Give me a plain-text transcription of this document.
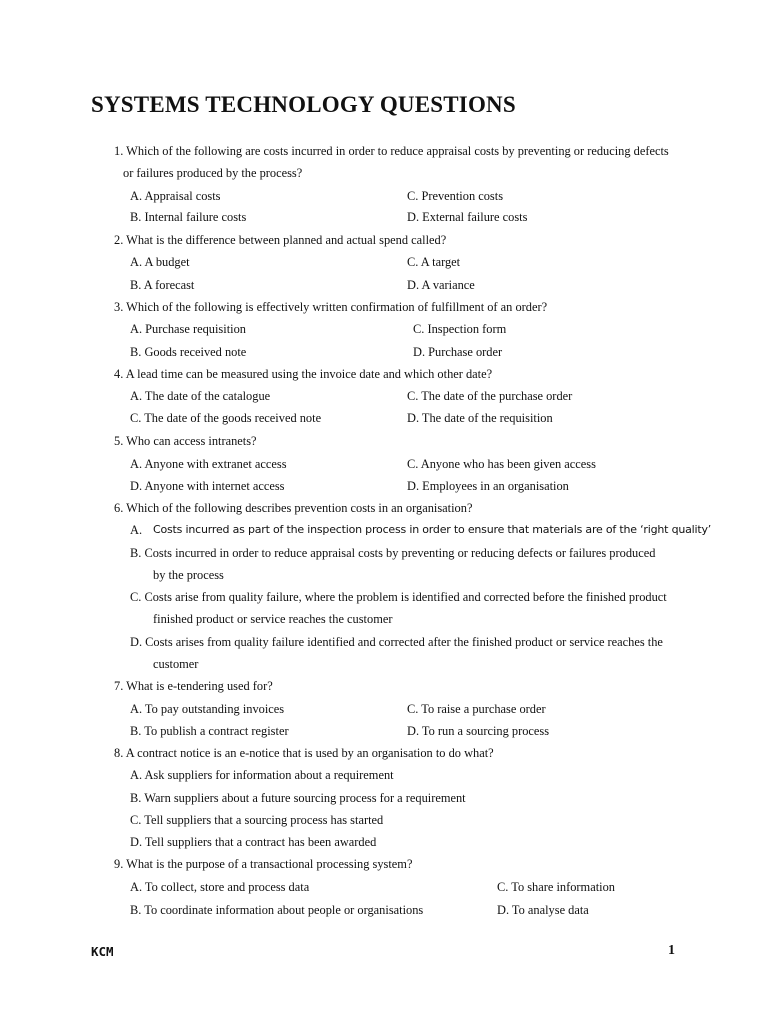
SYSTEMS TECHNOLOGY QUESTIONS
1. Which of the following are costs incurred in order to reduce appraisal costs by preventing or reducing defects
or failures produced by the process?
A. Appraisal costs	C. Prevention costs
B. Internal failure costs	D. External failure costs
2. What is the difference between planned and actual spend called?
A. A budget	C. A target
B. A forecast	D. A variance
3. Which of the following is effectively written confirmation of fulfillment of an order?
A. Purchase requisition	C. Inspection form
B. Goods received note	D. Purchase order
4. A lead time can be measured using the invoice date and which other date?
A. The date of the catalogue	C. The date of the purchase order
C. The date of the goods received note	D. The date of the requisition
5. Who can access intranets?
A. Anyone with extranet access	C. Anyone who has been given access
D. Anyone with internet access	D. Employees in an organisation
6. Which of the following describes prevention costs in an organisation?
A. Costs incurred as part of the inspection process in order to ensure that materials are of the ‘right quality’
B. Costs incurred in order to reduce appraisal costs by preventing or reducing defects or failures produced
by the process
C. Costs arise from quality failure, where the problem is identified and corrected before the finished product
finished product or service reaches the customer
D. Costs arises from quality failure identified and corrected after the finished product or service reaches the
customer
7. What is e-tendering used for?
A. To pay outstanding invoices	C. To raise a purchase order
B. To publish a contract register	D. To run a sourcing process
8. A contract notice is an e-notice that is used by an organisation to do what?
A. Ask suppliers for information about a requirement
B. Warn suppliers about a future sourcing process for a requirement
C. Tell suppliers that a sourcing process has started
D. Tell suppliers that a contract has been awarded
9. What is the purpose of a transactional processing system?
A. To collect, store and process data	C. To share information
B. To coordinate information about people or organisations	D. To analyse data
KCM	1
